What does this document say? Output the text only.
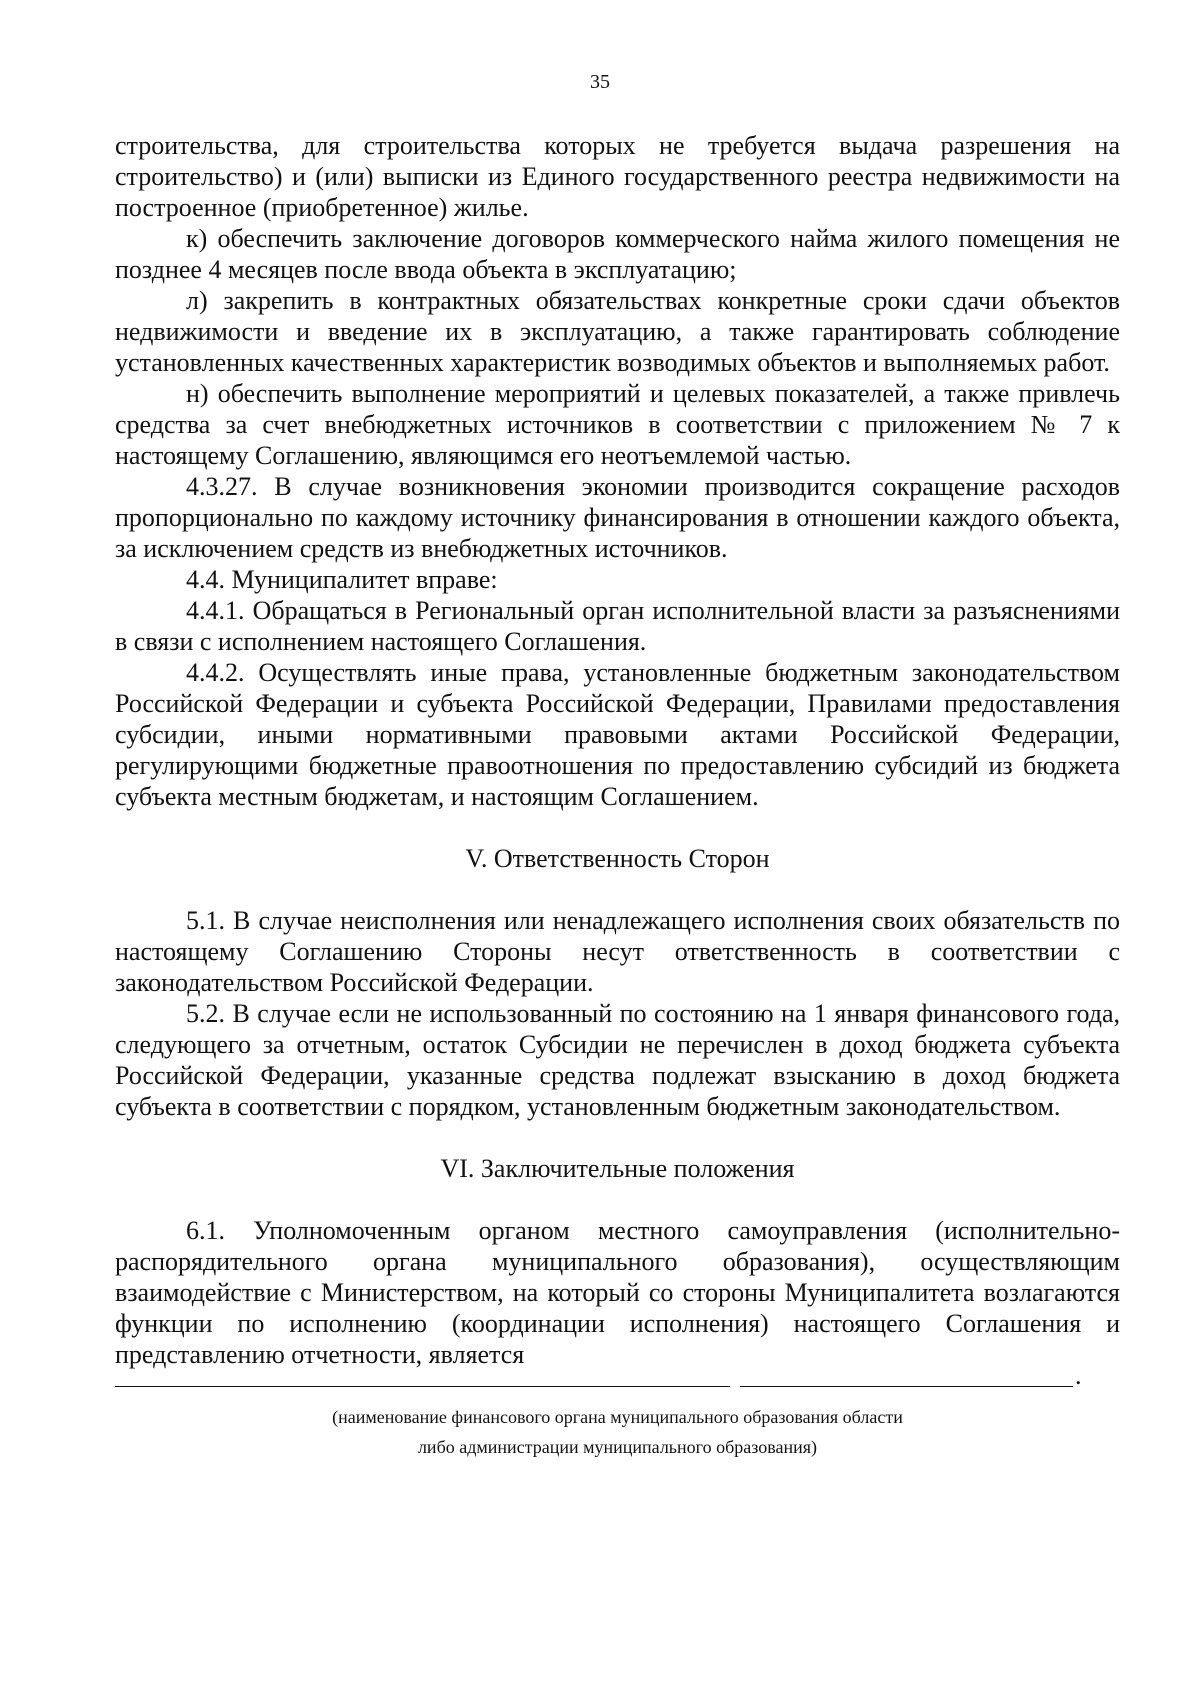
35

строительства, для строительства которых не требуется выдача разрешения на строительство) и (или) выписки из Единого государственного реестра недвижимости на построенное (приобретенное) жилье.

к) обеспечить заключение договоров коммерческого найма жилого помещения не позднее 4 месяцев после ввода объекта в эксплуатацию;

л) закрепить в контрактных обязательствах конкретные сроки сдачи объектов недвижимости и введение их в эксплуатацию, а также гарантировать соблюдение установленных качественных характеристик возводимых объектов и выполняемых работ.

н) обеспечить выполнение мероприятий и целевых показателей, а также привлечь средства за счет внебюджетных источников в соответствии с приложением № 7 к настоящему Соглашению, являющимся его неотъемлемой частью.

4.3.27. В случае возникновения экономии производится сокращение расходов пропорционально по каждому источнику финансирования в отношении каждого объекта, за исключением средств из внебюджетных источников.

4.4. Муниципалитет вправе:

4.4.1. Обращаться в Региональный орган исполнительной власти за разъяснениями в связи с исполнением настоящего Соглашения.

4.4.2. Осуществлять иные права, установленные бюджетным законодательством Российской Федерации и субъекта Российской Федерации, Правилами предоставления субсидии, иными нормативными правовыми актами Российской Федерации, регулирующими бюджетные правоотношения по предоставлению субсидий из бюджета субъекта местным бюджетам, и настоящим Соглашением.

V. Ответственность Сторон

5.1. В случае неисполнения или ненадлежащего исполнения своих обязательств по настоящему Соглашению Стороны несут ответственность в соответствии с законодательством Российской Федерации.

5.2. В случае если не использованный по состоянию на 1 января финансового года, следующего за отчетным, остаток Субсидии не перечислен в доход бюджета субъекта Российской Федерации, указанные средства подлежат взысканию в доход бюджета субъекта в соответствии с порядком, установленным бюджетным законодательством.

VI. Заключительные положения

6.1. Уполномоченным органом местного самоуправления (исполнительно-распорядительного органа муниципального образования), осуществляющим взаимодействие с Министерством, на который со стороны Муниципалитета возлагаются функции по исполнению (координации исполнения) настоящего Соглашения и представлению отчетности, является

.

(наименование финансового органа муниципального образования области
либо администрации муниципального образования)
